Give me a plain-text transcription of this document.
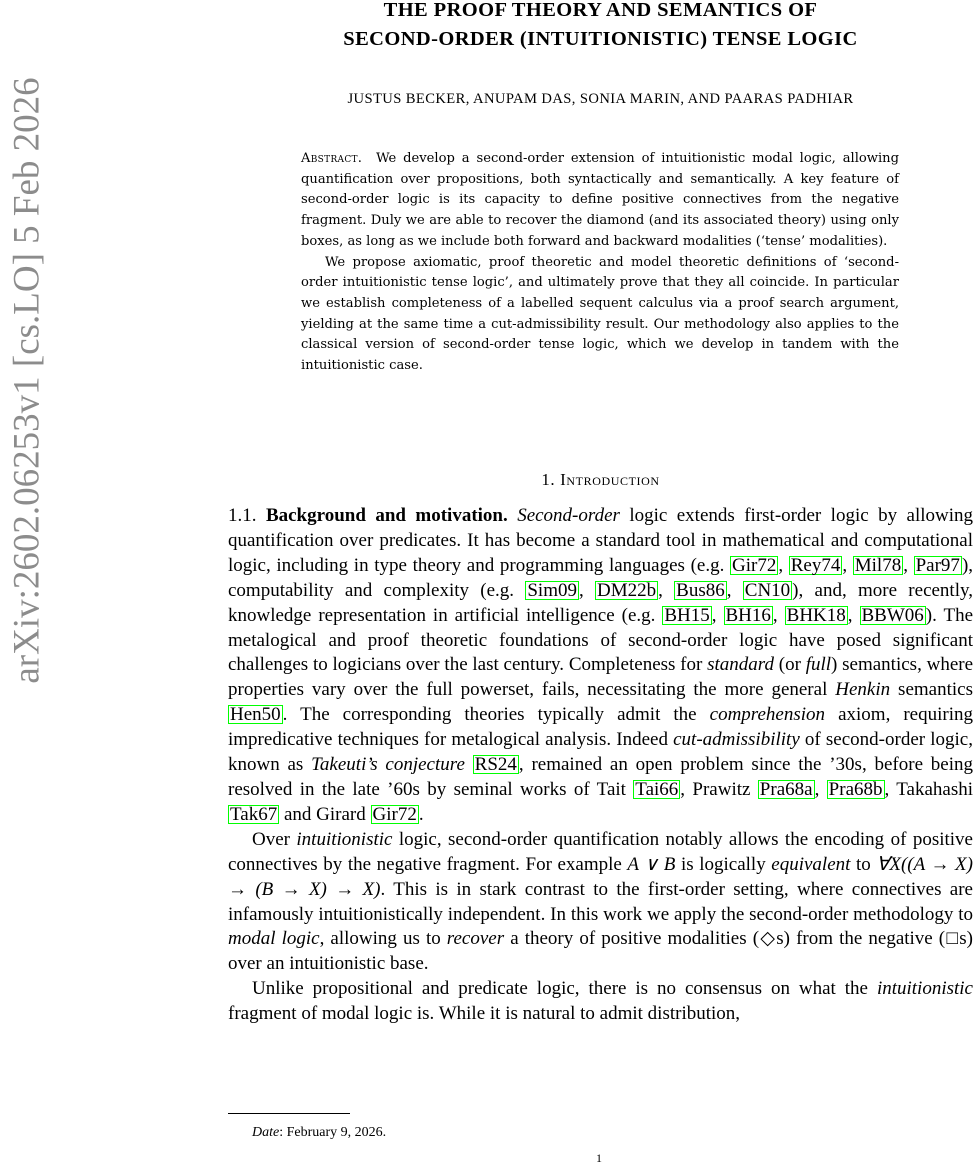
arXiv:2602.06253v1 [cs.LO] 5 Feb 2026
THE PROOF THEORY AND SEMANTICS OF
SECOND-ORDER (INTUITIONISTIC) TENSE LOGIC
JUSTUS BECKER, ANUPAM DAS, SONIA MARIN, AND PAARAS PADHIAR

Abstract. We develop a second-order extension of intuitionistic modal logic, allowing quantification over propositions, both syntactically and semantically. A key feature of second-order logic is its capacity to define positive connectives from the negative fragment. Duly we are able to recover the diamond (and its associated theory) using only boxes, as long as we include both forward and backward modalities (‘tense’ modalities).

We propose axiomatic, proof theoretic and model theoretic definitions of ‘second-order intuitionistic tense logic’, and ultimately prove that they all coincide. In particular we establish completeness of a labelled sequent calculus via a proof search argument, yielding at the same time a cut-admissibility result. Our methodology also applies to the classical version of second-order tense logic, which we develop in tandem with the intuitionistic case.

1. Introduction

1.1. Background and motivation. Second-order logic extends first-order logic by allowing quantification over predicates. It has become a standard tool in mathematical and computational logic, including in type theory and programming languages (e.g. Gir72 , Rey74 , Mil78 , Par97 ), computability and complexity (e.g. Sim09 , DM22b , Bus86 , CN10 ), and, more recently, knowledge representation in artificial intelligence (e.g. BH15 , BH16 , BHK18 , BBW06 ). The metalogical and proof theoretic foundations of second-order logic have posed significant challenges to logicians over the last century. Completeness for standard (or full) semantics, where properties vary over the full powerset, fails, necessitating the more general Henkin semantics Hen50 . The corresponding theories typically admit the comprehension axiom, requiring impredicative techniques for metalogical analysis. Indeed cut-admissibility of second-order logic, known as Takeuti’s conjecture RS24 , remained an open problem since the ’30s, before being resolved in the late ’60s by seminal works of Tait Tai66 , Prawitz Pra68a , Pra68b , Takahashi Tak67 and Girard Gir72 .

Over intuitionistic logic, second-order quantification notably allows the encoding of positive connectives by the negative fragment. For example A ∨ B is logically equivalent to ∀X((A → X) → (B → X) → X). This is in stark contrast to the first-order setting, where connectives are infamously intuitionistically independent. In this work we apply the second-order methodology to modal logic, allowing us to recover a theory of positive modalities (◇s) from the negative (□s) over an intuitionistic base.

Unlike propositional and predicate logic, there is no consensus on what the intuitionistic fragment of modal logic is. While it is natural to admit distribution,

Date: February 9, 2026.
1
